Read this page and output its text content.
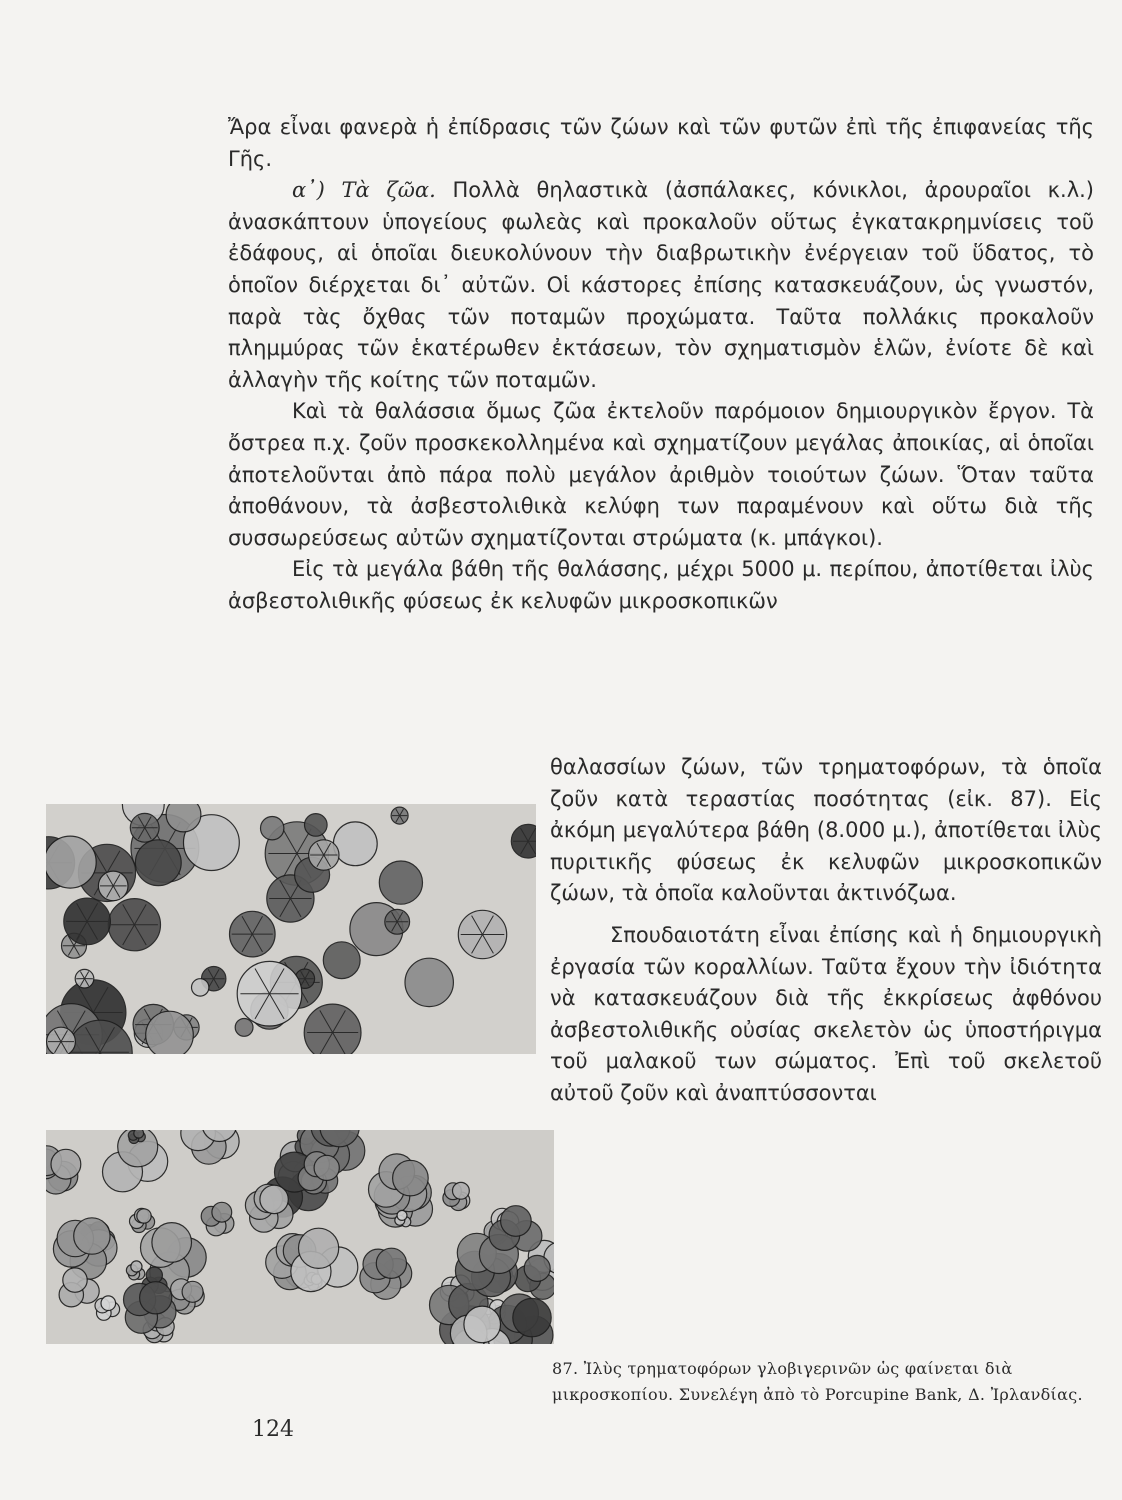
Ἄρα εἶναι φανερὰ ἡ ἐπίδρασις τῶν ζώων καὶ τῶν φυτῶν ἐπὶ τῆς ἐπιφανείας τῆς Γῆς.

α᾽) Τὰ ζῶα. Πολλὰ θηλαστικὰ (ἀσπάλακες, κόνικλοι, ἀρουραῖοι κ.λ.) ἀνασκάπτουν ὑπογείους φωλεὰς καὶ προκαλοῦν οὕτως ἐγκατακρημνίσεις τοῦ ἐδάφους, αἱ ὁποῖαι διευκολύνουν τὴν διαβρωτικὴν ἐνέργειαν τοῦ ὕδατος, τὸ ὁποῖον διέρχεται δι᾽ αὐτῶν. Οἱ κάστορες ἐπίσης κατασκευάζουν, ὡς γνωστόν, παρὰ τὰς ὄχθας τῶν ποταμῶν προχώματα. Ταῦτα πολλάκις προκαλοῦν πλημμύρας τῶν ἑκατέρωθεν ἐκτάσεων, τὸν σχηματισμὸν ἑλῶν, ἐνίοτε δὲ καὶ ἀλλαγὴν τῆς κοίτης τῶν ποταμῶν.

Καὶ τὰ θαλάσσια ὅμως ζῶα ἐκτελοῦν παρόμοιον δημιουργικὸν ἔργον. Τὰ ὄστρεα π.χ. ζοῦν προσκεκολλημένα καὶ σχηματίζουν μεγάλας ἀποικίας, αἱ ὁποῖαι ἀποτελοῦνται ἀπὸ πάρα πολὺ μεγάλον ἀριθμὸν τοιούτων ζώων. Ὅταν ταῦτα ἀποθάνουν, τὰ ἀσβεστολιθικὰ κελύφη των παραμένουν καὶ οὕτω διὰ τῆς συσσωρεύσεως αὐτῶν σχηματίζονται στρώματα (κ. μπάγκοι).

Εἰς τὰ μεγάλα βάθη τῆς θαλάσσης, μέχρι 5000 μ. περίπου, ἀποτίθεται ἰλὺς ἀσβεστολιθικῆς φύσεως ἐκ κελυφῶν μικροσκοπικῶν

θαλασσίων ζώων, τῶν τρηματοφόρων, τὰ ὁποῖα ζοῦν κατὰ τεραστίας ποσότητας (εἰκ. 87). Εἰς ἀκόμη μεγαλύτερα βάθη (8.000 μ.), ἀποτίθεται ἰλὺς πυριτικῆς φύσεως ἐκ κελυφῶν μικροσκοπικῶν ζώων, τὰ ὁποῖα καλοῦνται ἀκτινόζωα.

Σπουδαιοτάτη εἶναι ἐπίσης καὶ ἡ δημιουργικὴ ἐργασία τῶν κοραλλίων. Ταῦτα ἔχουν τὴν ἰδιότητα νὰ κατασκευάζουν διὰ τῆς ἐκκρίσεως ἀφθόνου ἀσβεστολιθικῆς οὐσίας σκελετὸν ὡς ὑποστήριγμα τοῦ μαλακοῦ των σώματος. Ἐπὶ τοῦ σκελετοῦ αὐτοῦ ζοῦν καὶ ἀναπτύσσονται

87. Ἰλὺς τρηματοφόρων γλοβιγερινῶν ὡς φαίνεται διὰ μικροσκοπίου. Συνελέγη ἀπὸ τὸ Porcupine Bank, Δ. Ἰρλανδίας.
124
